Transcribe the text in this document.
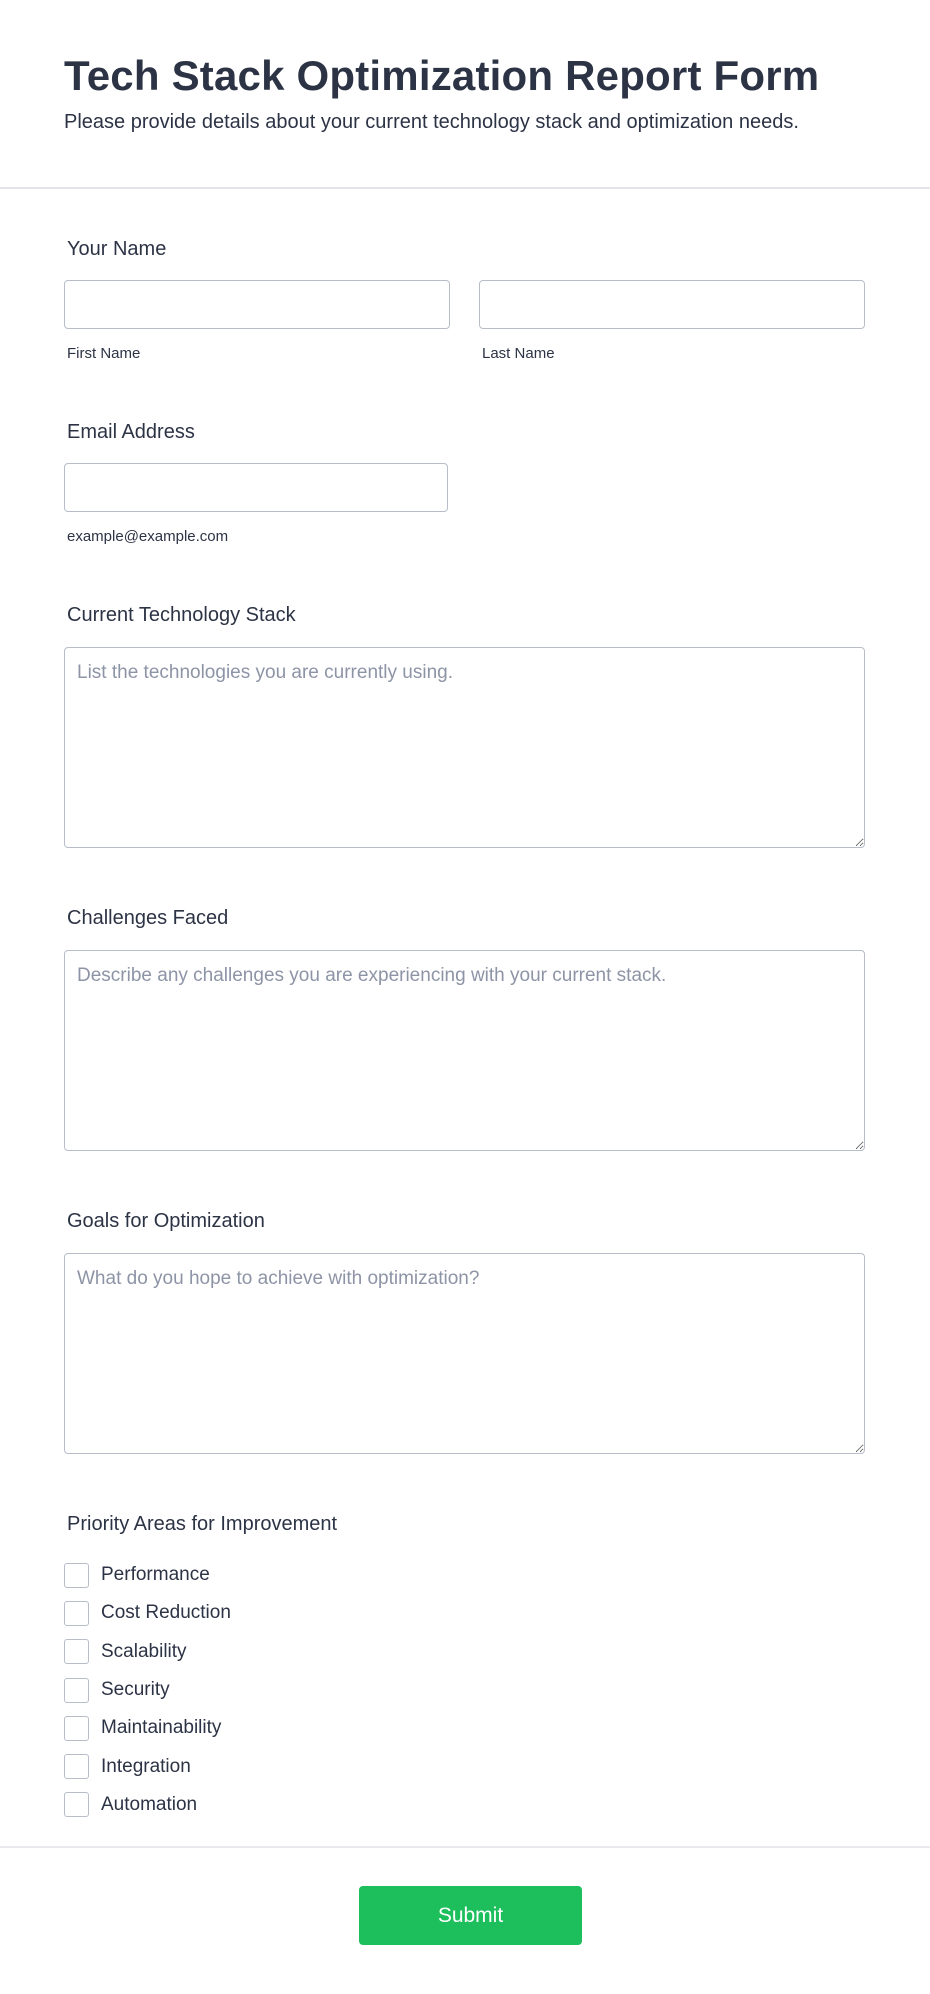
Tech Stack Optimization Report Form
Please provide details about your current technology stack and optimization needs.
Your Name
First Name	Last Name
Email Address
example@example.com
Current Technology Stack
List the technologies you are currently using.
Challenges Faced
Describe any challenges you are experiencing with your current stack.
Goals for Optimization
What do you hope to achieve with optimization?
Priority Areas for Improvement
Performance
Cost Reduction
Scalability
Security
Maintainability
Integration
Automation
Submit
